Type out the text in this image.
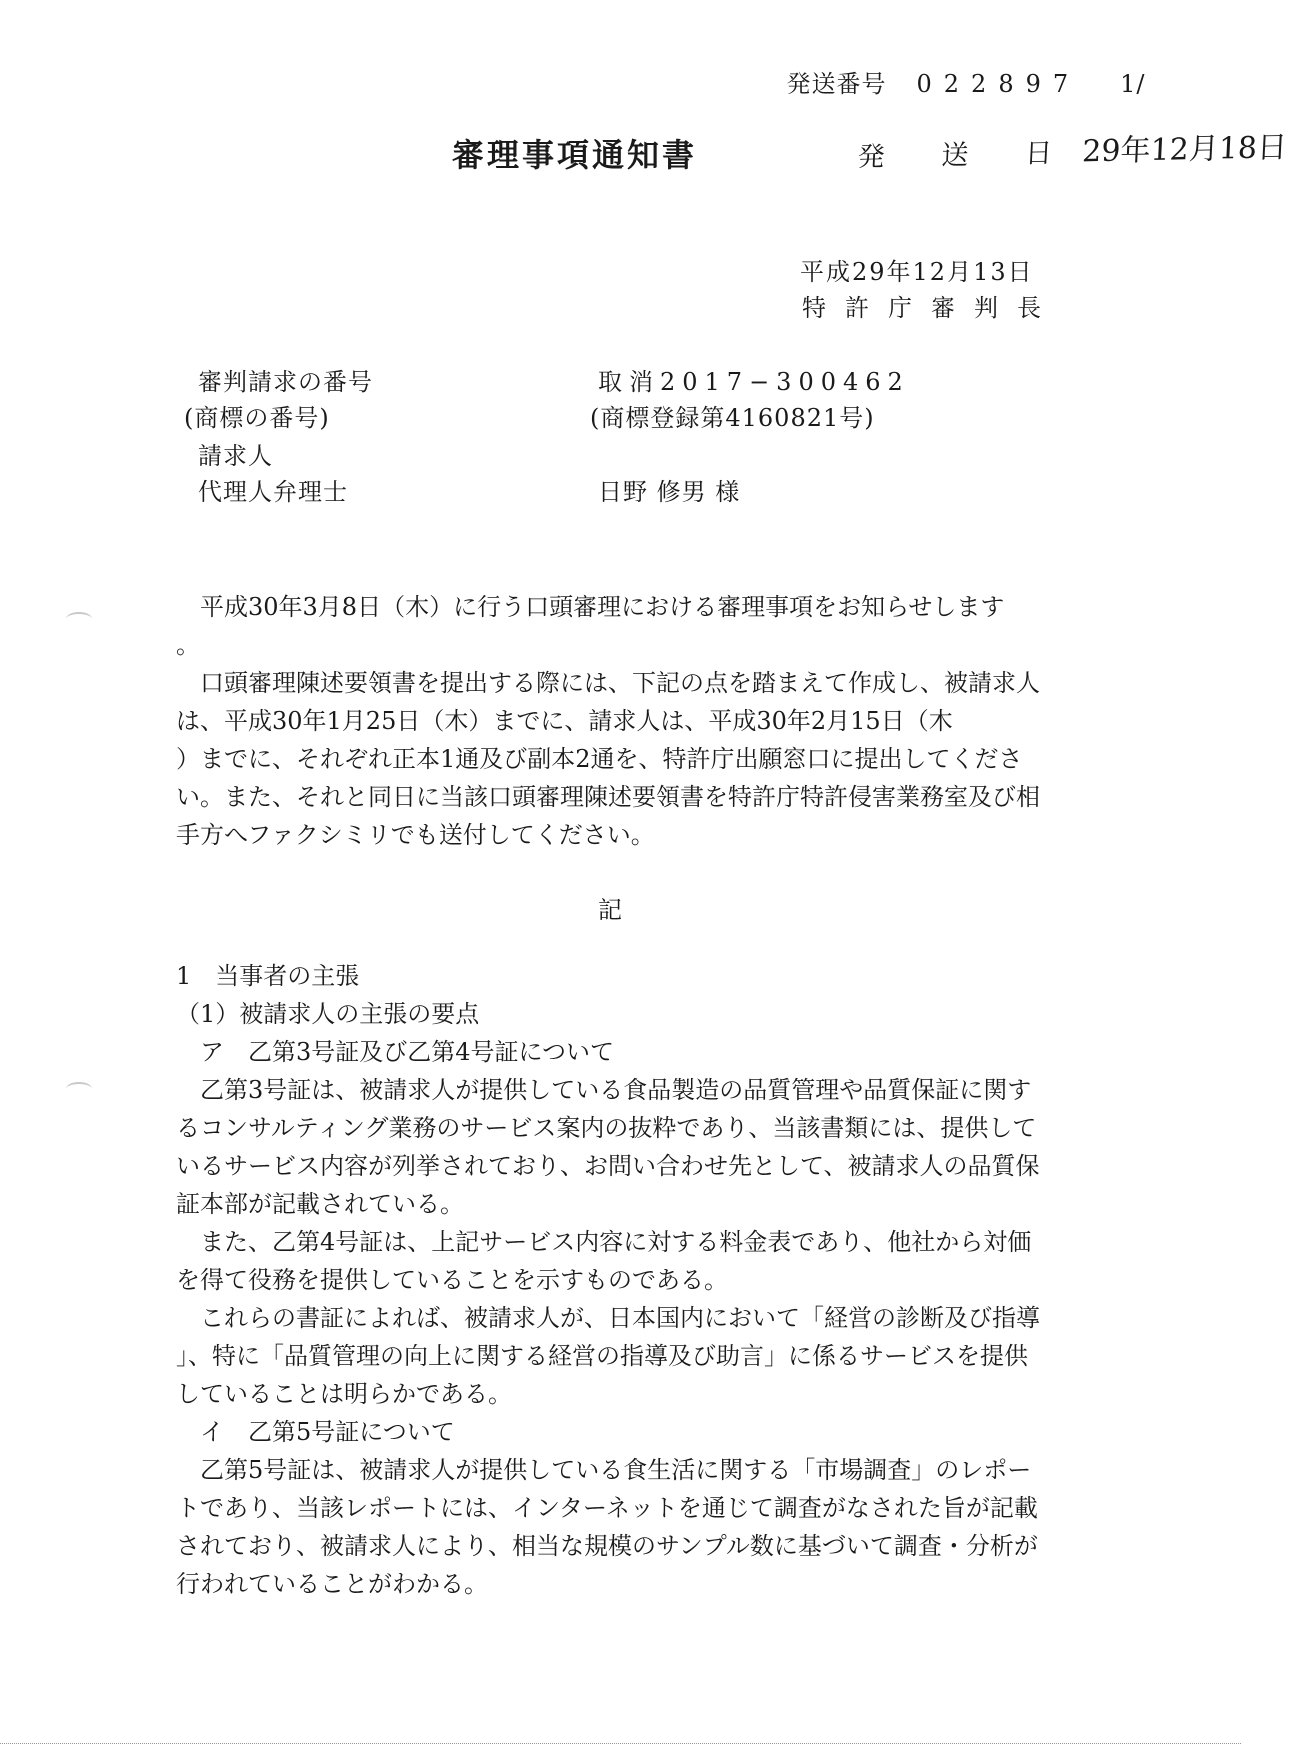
発送番号 022897 1/

発 送 日 29年12月18日

審理事項通知書
平成29年12月13日
特許庁審判長
審判請求の番号	取消2017−300462
(商標の番号)	(商標登録第4160821号)
請求人
代理人弁理士	日野 修男 様

　平成30年3月8日（木）に行う口頭審理における審理事項をお知らせします

。

　口頭審理陳述要領書を提出する際には、下記の点を踏まえて作成し、被請求人

は、平成30年1月25日（木）までに、請求人は、平成30年2月15日（木

）までに、それぞれ正本1通及び副本2通を、特許庁出願窓口に提出してくださ

い。また、それと同日に当該口頭審理陳述要領書を特許庁特許侵害業務室及び相

手方へファクシミリでも送付してください。

記

1　当事者の主張

（1）被請求人の主張の要点

　ア　乙第3号証及び乙第4号証について

　乙第3号証は、被請求人が提供している食品製造の品質管理や品質保証に関す

るコンサルティング業務のサービス案内の抜粋であり、当該書類には、提供して

いるサービス内容が列挙されており、お問い合わせ先として、被請求人の品質保

証本部が記載されている。

　また、乙第4号証は、上記サービス内容に対する料金表であり、他社から対価

を得て役務を提供していることを示すものである。

　これらの書証によれば、被請求人が、日本国内において「経営の診断及び指導

」、特に「品質管理の向上に関する経営の指導及び助言」に係るサービスを提供

していることは明らかである。

　イ　乙第5号証について

　乙第5号証は、被請求人が提供している食生活に関する「市場調査」のレポー

トであり、当該レポートには、インターネットを通じて調査がなされた旨が記載

されており、被請求人により、相当な規模のサンプル数に基づいて調査・分析が

行われていることがわかる。
